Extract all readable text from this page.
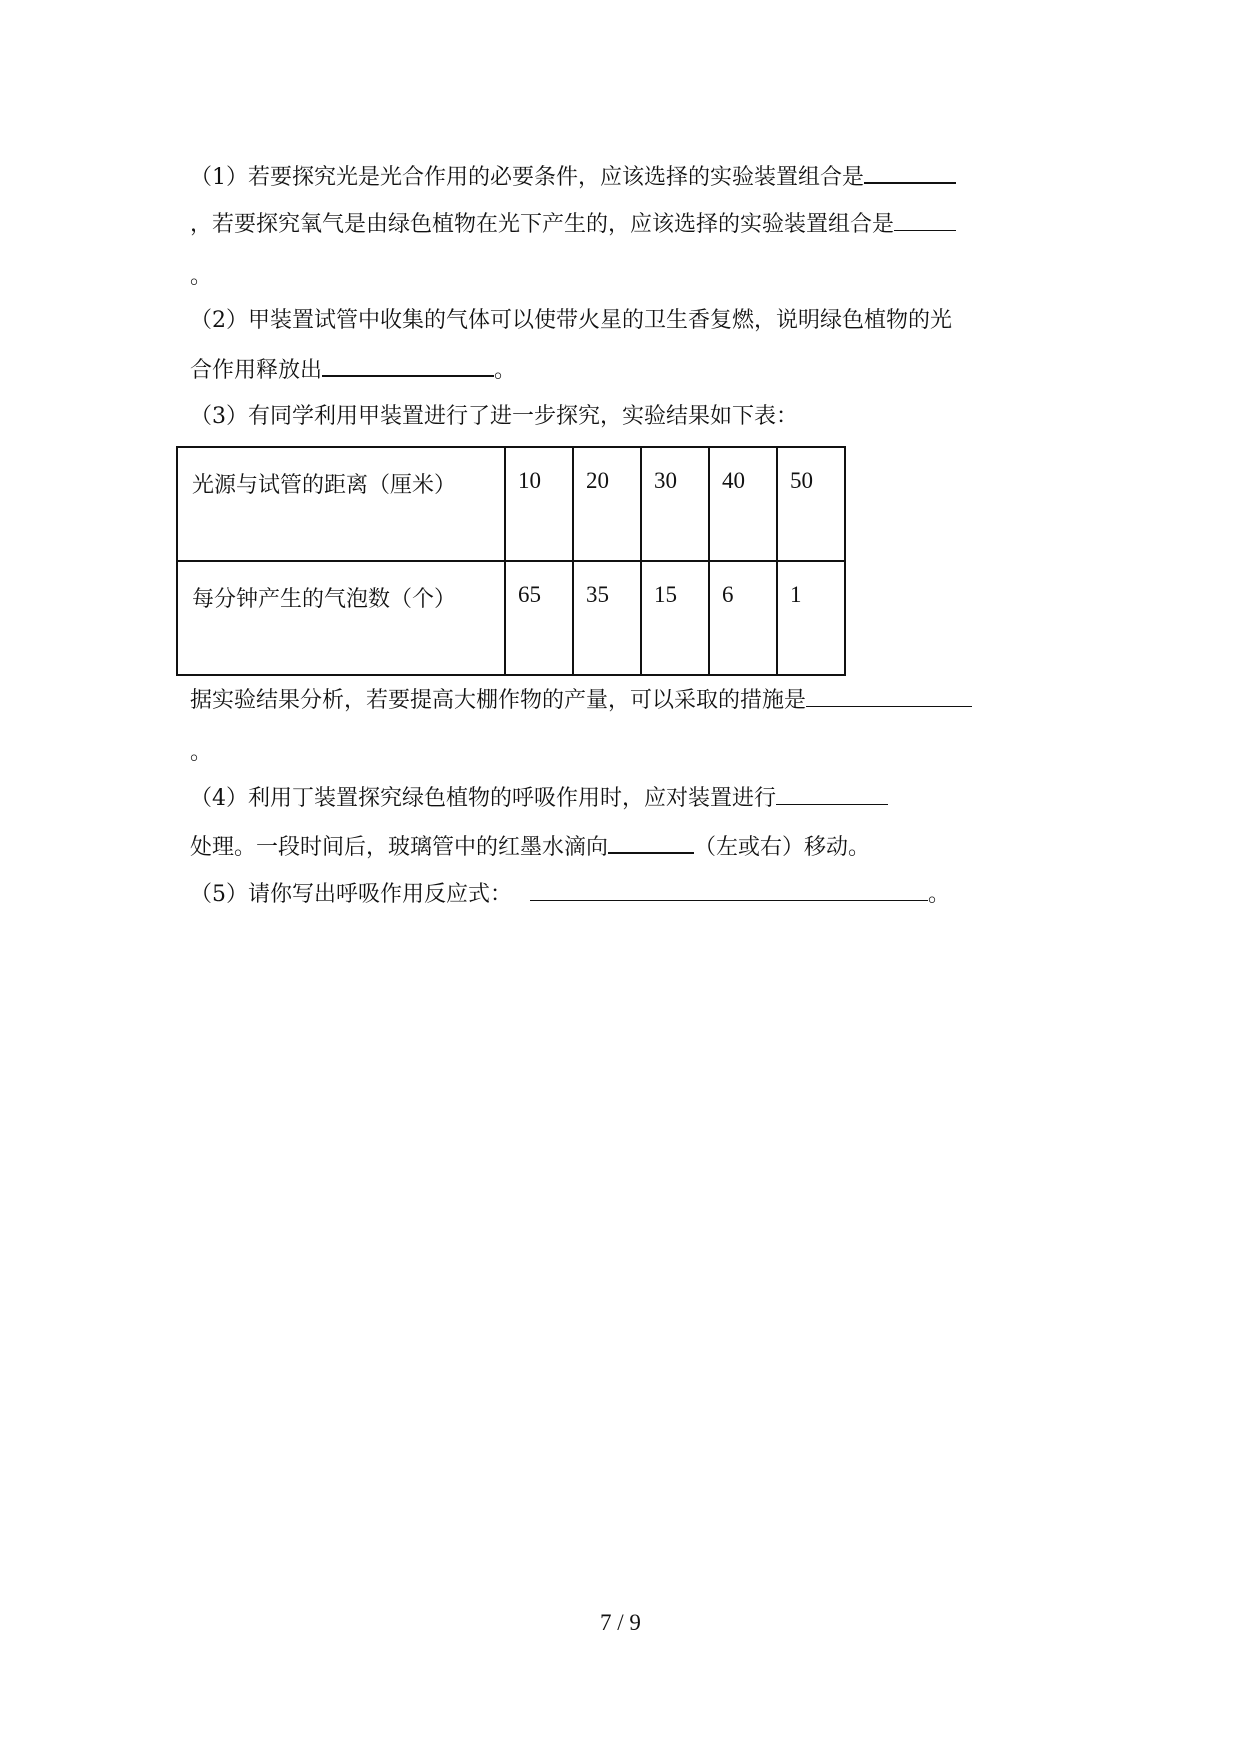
（1）若要探究光是光合作用的必要条件，应该选择的实验装置组合是
，若要探究氧气是由绿色植物在光下产生的，应该选择的实验装置组合是
。
（2）甲装置试管中收集的气体可以使带火星的卫生香复燃，说明绿色植物的光
合作用释放出	。
（3）有同学利用甲装置进行了进一步探究，实验结果如下表：
光源与试管的距离（厘米）	10	20	30	40	50
每分钟产生的气泡数（个）	65	35	15	6	1
据实验结果分析，若要提高大棚作物的产量，可以采取的措施是
。
（4）利用丁装置探究绿色植物的呼吸作用时，应对装置进行
处理。一段时间后，玻璃管中的红墨水滴向	（左或右）移动。
（5）请你写出呼吸作用反应式：	。
7 / 9
